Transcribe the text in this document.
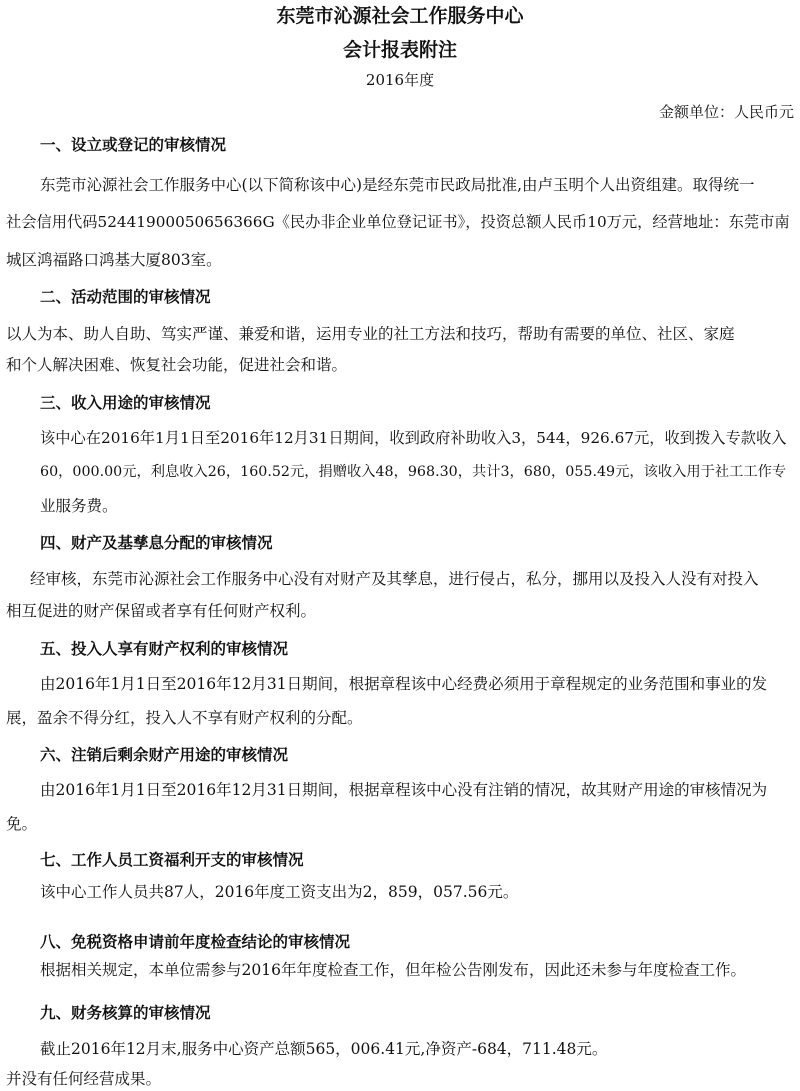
东莞市沁源社会工作服务中心
会计报表附注
2016年度
金额单位：人民币元
一、设立或登记的审核情况
东莞市沁源社会工作服务中心(以下简称该中心)是经东莞市民政局批准,由卢玉明个人出资组建。取得统一
社会信用代码52441900050656366G《民办非企业单位登记证书》，投资总额人民币10万元，经营地址：东莞市南
城区鸿福路口鸿基大厦803室。
二、活动范围的审核情况
以人为本、助人自助、笃实严谨、兼爱和谐，运用专业的社工方法和技巧，帮助有需要的单位、社区、家庭
和个人解决困难、恢复社会功能，促进社会和谐。
三、收入用途的审核情况
该中心在2016年1月1日至2016年12月31日期间，收到政府补助收入3，544，926.67元，收到拨入专款收入
60，000.00元，利息收入26，160.52元，捐赠收入48，968.30，共计3，680，055.49元，该收入用于社工工作专
业服务费。
四、财产及基孳息分配的审核情况
经审核，东莞市沁源社会工作服务中心没有对财产及其孳息，进行侵占，私分，挪用以及投入人没有对投入
相互促进的财产保留或者享有任何财产权利。
五、投入人享有财产权利的审核情况
由2016年1月1日至2016年12月31日期间，根据章程该中心经费必须用于章程规定的业务范围和事业的发
展，盈余不得分红，投入人不享有财产权利的分配。
六、注销后剩余财产用途的审核情况
由2016年1月1日至2016年12月31日期间，根据章程该中心没有注销的情况，故其财产用途的审核情况为
免。
七、工作人员工资福利开支的审核情况
该中心工作人员共87人，2016年度工资支出为2，859，057.56元。
八、免税资格申请前年度检查结论的审核情况
根据相关规定，本单位需参与2016年年度检查工作，但年检公告刚发布，因此还未参与年度检查工作。
九、财务核算的审核情况
截止2016年12月末,服务中心资产总额565，006.41元,净资产-684，711.48元。
并没有任何经营成果。
